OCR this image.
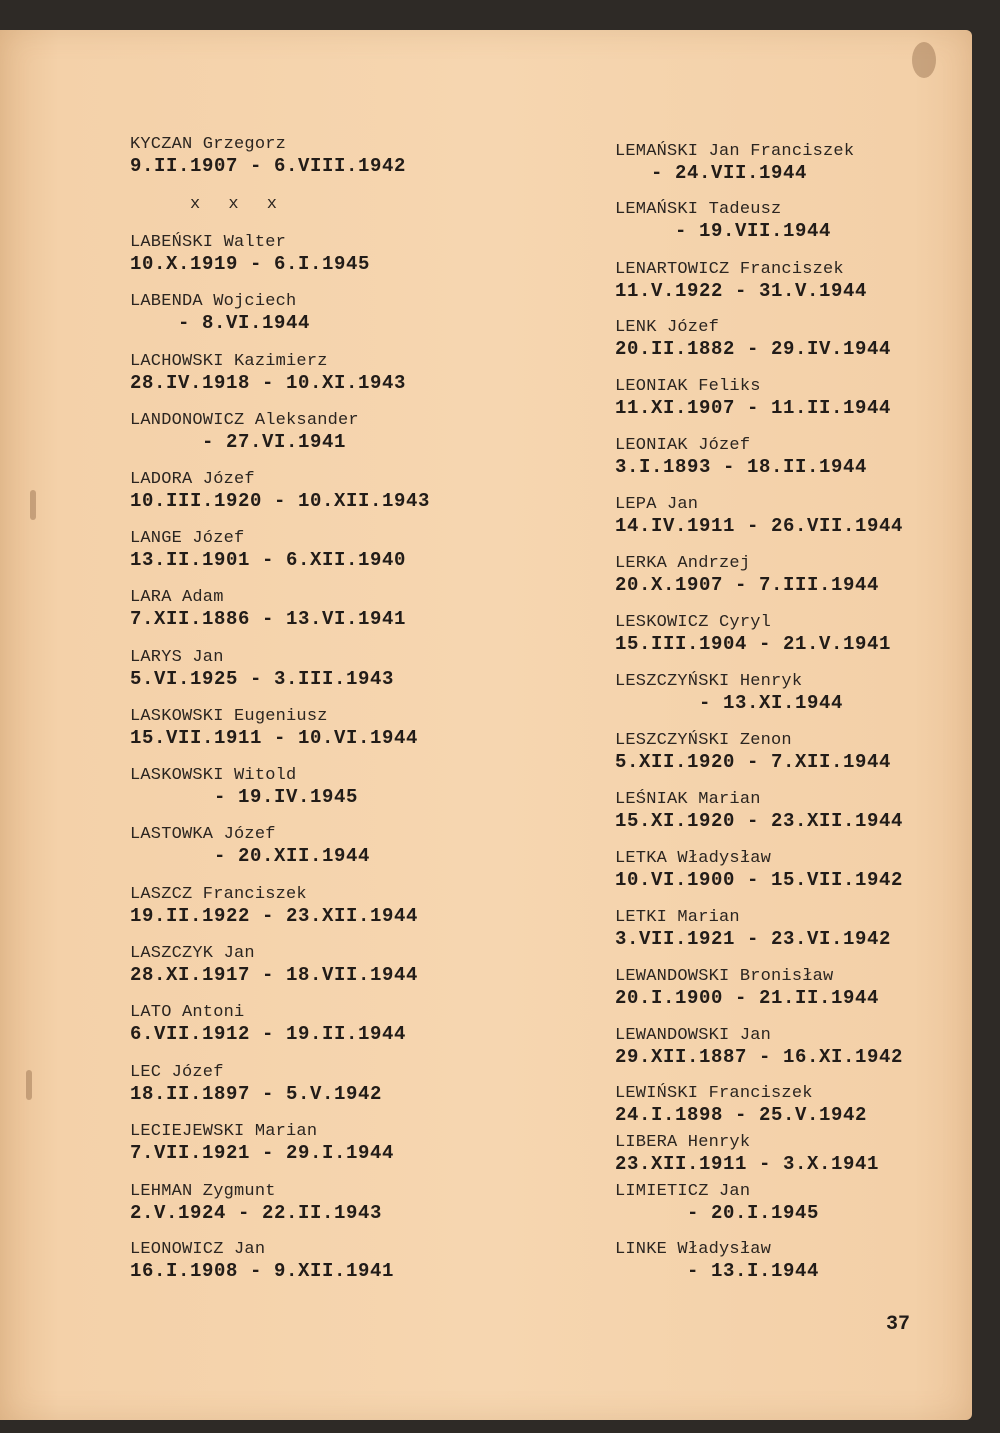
KYCZAN Grzegorz
9.II.1907 - 6.VIII.1942
x x x
LABEŃSKI Walter
10.X.1919 - 6.I.1945
LABENDA Wojciech
- 8.VI.1944
LACHOWSKI Kazimierz
28.IV.1918 - 10.XI.1943
LANDONOWICZ Aleksander
- 27.VI.1941
LADORA Józef
10.III.1920 - 10.XII.1943
LANGE Józef
13.II.1901 - 6.XII.1940
LARA Adam
7.XII.1886 - 13.VI.1941
LARYS Jan
5.VI.1925 - 3.III.1943
LASKOWSKI Eugeniusz
15.VII.1911 - 10.VI.1944
LASKOWSKI Witold
- 19.IV.1945
LASTOWKA Józef
- 20.XII.1944
LASZCZ Franciszek
19.II.1922 - 23.XII.1944
LASZCZYK Jan
28.XI.1917 - 18.VII.1944
LATO Antoni
6.VII.1912 - 19.II.1944
LEC Józef
18.II.1897 - 5.V.1942
LECIEJEWSKI Marian
7.VII.1921 - 29.I.1944
LEHMAN Zygmunt
2.V.1924 - 22.II.1943
LEONOWICZ Jan
16.I.1908 - 9.XII.1941
LEMAŃSKI Jan Franciszek
- 24.VII.1944
LEMAŃSKI Tadeusz
- 19.VII.1944
LENARTOWICZ Franciszek
11.V.1922 - 31.V.1944
LENK Józef
20.II.1882 - 29.IV.1944
LEONIAK Feliks
11.XI.1907 - 11.II.1944
LEONIAK Józef
3.I.1893 - 18.II.1944
LEPA Jan
14.IV.1911 - 26.VII.1944
LERKA Andrzej
20.X.1907 - 7.III.1944
LESKOWICZ Cyryl
15.III.1904 - 21.V.1941
LESZCZYŃSKI Henryk
- 13.XI.1944
LESZCZYŃSKI Zenon
5.XII.1920 - 7.XII.1944
LEŚNIAK Marian
15.XI.1920 - 23.XII.1944
LETKA Władysław
10.VI.1900 - 15.VII.1942
LETKI Marian
3.VII.1921 - 23.VI.1942
LEWANDOWSKI Bronisław
20.I.1900 - 21.II.1944
LEWANDOWSKI Jan
29.XII.1887 - 16.XI.1942
LEWIŃSKI Franciszek
24.I.1898 - 25.V.1942
LIBERA Henryk
23.XII.1911 - 3.X.1941
LIMIETICZ Jan
- 20.I.1945
LINKE Władysław
- 13.I.1944
37
